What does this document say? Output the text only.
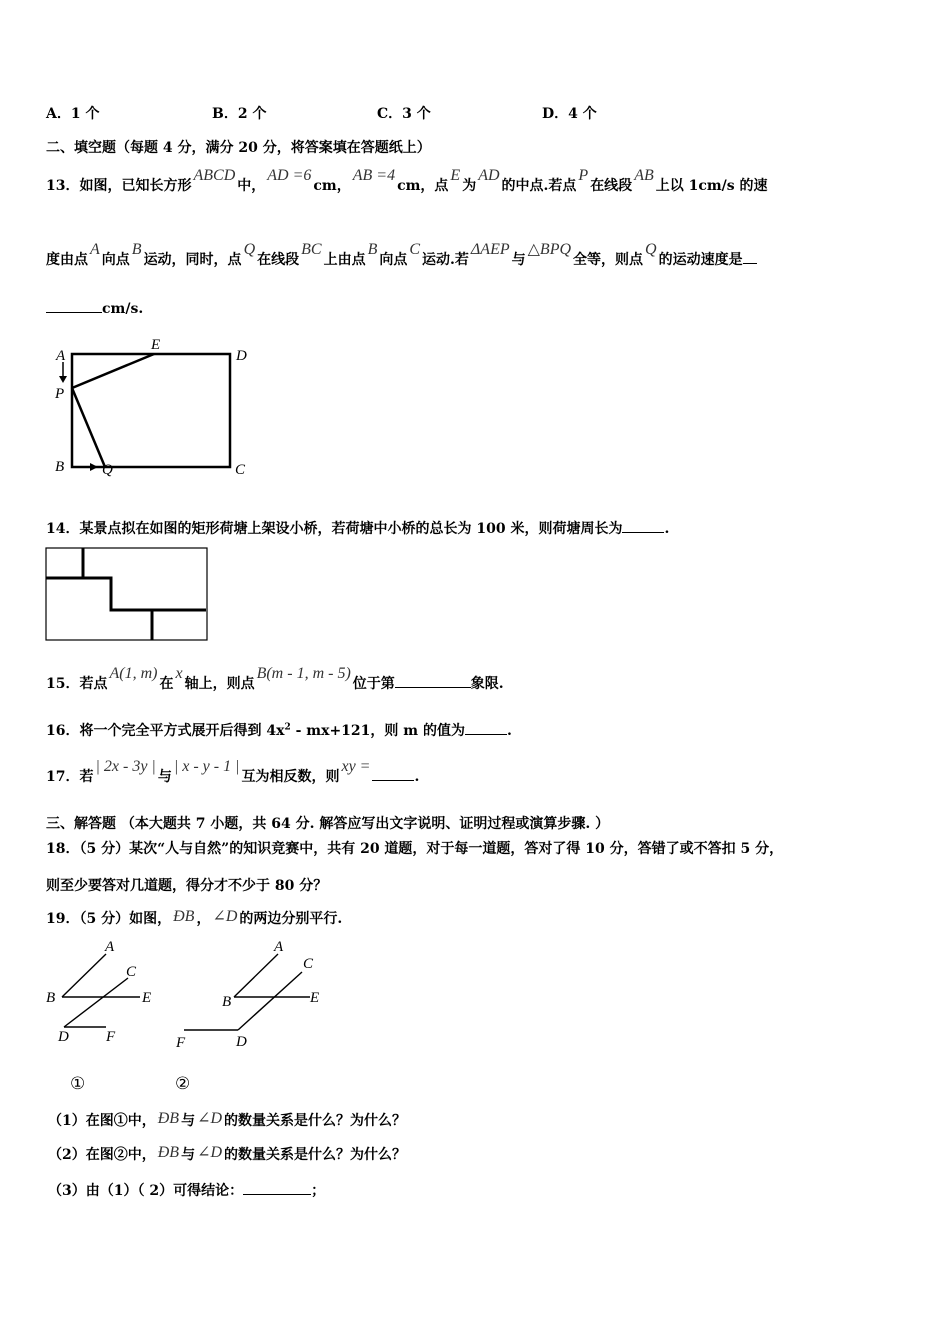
A．1 个	B．2 个	C．3 个	D．4 个
二、填空题（每题 4 分，满分 20 分，将答案填在答题纸上）
13．如图，已知长方形ABCD中，AD =6cm，AB =4cm，点E为AD的中点.若点P在线段AB上以 1cm/s 的速
度由点A向点B运动，同时，点Q在线段BC上由点B向点C运动.若ΔAEP与△BPQ全等，则点Q的运动速度是
cm/s.
A
E
D
P
B	Q	C
14．某景点拟在如图的矩形荷塘上架设小桥，若荷塘中小桥的总长为 100 米，则荷塘周长为	.
15．若点A(1, m)在x轴上，则点B(m - 1, m - 5)位于第	象限.
16．将一个完全平方式展开后得到 $4x^2 - mx+121$，则 m 的值为	.
17．若| 2x - 3y |与| x - y - 1 |互为相反数，则xy =.
三、解答题 （本大题共 7 小题，共 64 分. 解答应写出文字说明、证明过程或演算步骤. ）
18．（5 分）某次“人与自然”的知识竞赛中，共有 20 道题，对于每一道题，答对了得 10 分，答错了或不答扣 5 分，
则至少要答对几道题，得分才不少于 80 分？
19．（5 分）如图， ÐB ， ∠D 的两边分别平行.
A
C
B	E
D F
A
C
B	E
F	D
①	②
（1）在图①中， ÐB 与 ∠D 的数量关系是什么？为什么？
（2）在图②中， ÐB 与 ∠D 的数量关系是什么？为什么？
（3）由（1）（ 2）可得结论：	；
